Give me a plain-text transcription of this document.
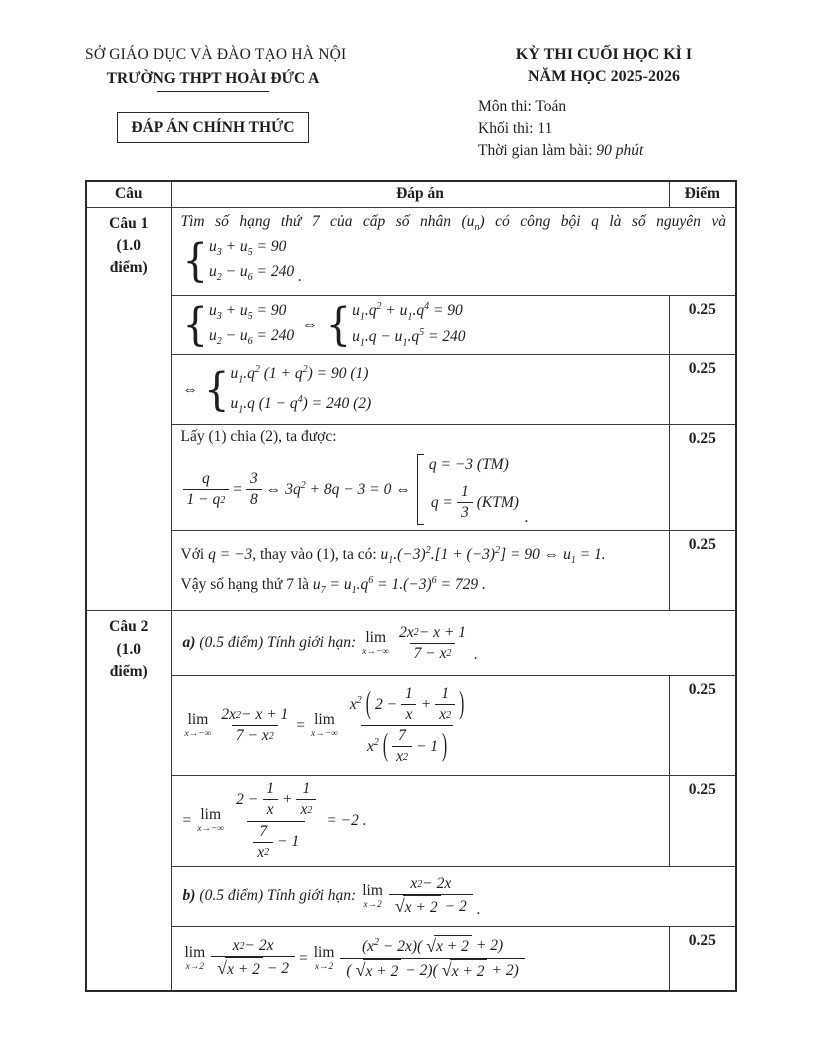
SỞ GIÁO DỤC VÀ ĐÀO TẠO HÀ NỘI
TRƯỜNG THPT HOÀI ĐỨC A
ĐÁP ÁN CHÍNH THỨC
KỲ THI CUỐI HỌC KÌ I
NĂM HỌC 2025-2026
Môn thi: Toán
Khối thi: 11
Thời gian làm bài: 90 phút
Câu	Đáp án	Điểm

Câu 1
(1.0 điểm)

Tìm số hạng thứ 7 của cấp số nhân $(u_n)$ có công bội q là số nguyên và
{ $u_3 + u_5 = 90$
$u_2 - u_6 = 240$ .

{ $u_3 + u_5 = 90$
$u_2 - u_6 = 240$
⇔ { $u_1.q^2 + u_1.q^4 = 90$
$u_1.q - u_1.q^5 = 240$
	0.25

	⇔ { $u_1.q^2$ $(1 + q^2) = 90$ (1)
$u_1.q$ $(1 - q^4) = 240$ (2)	0.25

Lấy (1) chia (2), ta được:
$\frac{q}{1 - q 2} = \frac{3}{8}$ ⇔ $3q^2 + 8q - 3 = 0$ ⇔
q = −3 (TM)
$q = \frac{1}{3} (KTM)$
.
	0.25

	Với q = −3, thay vào (1), ta có: $u_1.(-3)^2.[1 + (-3)^2] = 90$ ⇔ $u_1 = 1$.
Vậy số hạng thứ 7 là $u_7 = u_1.q^6 = 1.(-3)^6 = 729$ .	0.25

Câu 2
(1.0 điểm)

a) (0.5 điểm) Tính giới hạn: lim
$x\to-\infty \frac{2x 2 - x + 1}{7 - x 2}$ .

lim
$x\to-\infty \frac{2x 2 - x + 1}{7 - x 2} = \lim$
x→−∞
$x^2$ ( $2 - \frac{1}{x} + \frac{1}{x 2}$ )
$x^2$ ( $\frac{7}{x 2} - 1$ )
	0.25

= lim
x→−∞
$2 - \frac{1}{x} + \frac{1}{x 2}$
$\frac{7}{x 2} - 1$
= −2 .
	0.25

b) (0.5 điểm) Tính giới hạn: lim
$x\to 2 \frac{x 2 - 2x}{√ x + 2 - 2}$ .

lim
$x\to 2 \frac{x 2 - 2x}{√ x + 2 - 2} = \lim$
x→2
$(x^2 - 2x)$( √ x + 2 + 2)
( √ x + 2 − 2)( √ x + 2 + 2)
	0.25
